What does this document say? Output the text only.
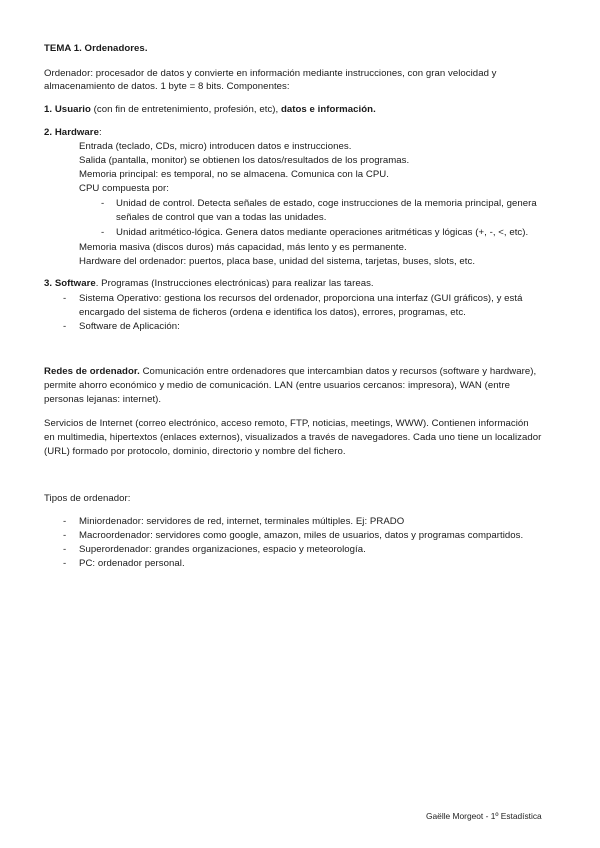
TEMA 1. Ordenadores.
Ordenador: procesador de datos y convierte en información mediante instrucciones, con gran velocidad y
almacenamiento de datos. 1 byte = 8 bits. Componentes:
1. Usuario (con fin de entretenimiento, profesión, etc), datos e información.
2. Hardware:
Entrada (teclado, CDs, micro) introducen datos e instrucciones.
Salida (pantalla, monitor) se obtienen los datos/resultados de los programas.
Memoria principal: es temporal, no se almacena. Comunica con la CPU.
CPU compuesta por:
- Unidad de control. Detecta señales de estado, coge instrucciones de la memoria principal, genera
señales de control que van a todas las unidades.
- Unidad aritmético-lógica. Genera datos mediante operaciones aritméticas y lógicas (+, -, <, etc).
Memoria masiva (discos duros) más capacidad, más lento y es permanente.
Hardware del ordenador: puertos, placa base, unidad del sistema, tarjetas, buses, slots, etc.
3. Software. Programas (Instrucciones electrónicas) para realizar las tareas.
- Sistema Operativo: gestiona los recursos del ordenador, proporciona una interfaz (GUI gráficos), y está
encargado del sistema de ficheros (ordena e identifica los datos), errores, programas, etc.
- Software de Aplicación:
Redes de ordenador. Comunicación entre ordenadores que intercambian datos y recursos (software y hardware),
permite ahorro económico y medio de comunicación. LAN (entre usuarios cercanos: impresora), WAN (entre
personas lejanas: internet).
Servicios de Internet (correo electrónico, acceso remoto, FTP, noticias, meetings, WWW). Contienen información
en multimedia, hipertextos (enlaces externos), visualizados a través de navegadores. Cada uno tiene un localizador
(URL) formado por protocolo, dominio, directorio y nombre del fichero.
Tipos de ordenador:
- Miniordenador: servidores de red, internet, terminales múltiples. Ej: PRADO
- Macroordenador: servidores como google, amazon, miles de usuarios, datos y programas compartidos.
- Superordenador: grandes organizaciones, espacio y meteorología.
- PC: ordenador personal.
Gaëlle Morgeot - 1º Estadística
